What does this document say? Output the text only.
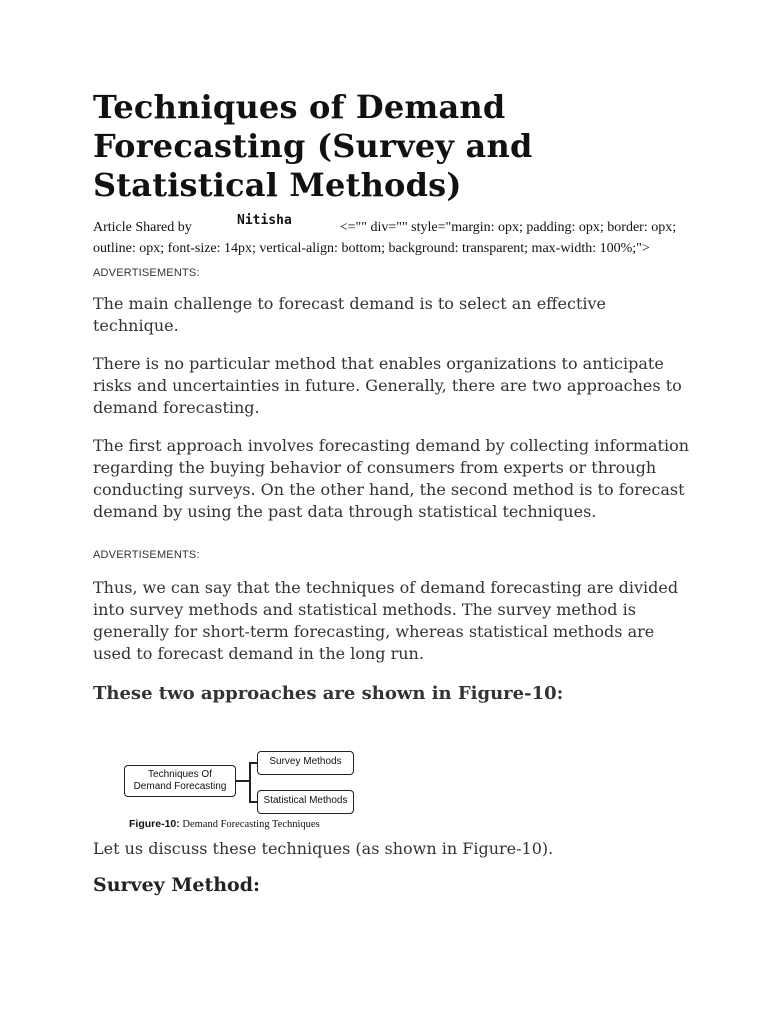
Techniques of Demand Forecasting (Survey and Statistical Methods)
Article Shared by	<="" div="" style="margin: opx; padding: opx; border: opx; outline: opx; font-size: 14px; vertical-align: bottom; background: transparent; max-width: 100%;">
Nitisha
ADVERTISEMENTS:

The main challenge to forecast demand is to select an effective technique.

There is no particular method that enables organizations to anticipate risks and uncertainties in future. Generally, there are two approaches to demand forecasting.

The first approach involves forecasting demand by collecting information regarding the buying behavior of consumers from experts or through conducting surveys. On the other hand, the second method is to forecast demand by using the past data through statistical techniques.

ADVERTISEMENTS:

Thus, we can say that the techniques of demand forecasting are divided into survey methods and statistical methods. The survey method is generally for short-term forecasting, whereas statistical methods are used to forecast demand in the long run.

These two approaches are shown in Figure-10:
Techniques Of
Demand Forecasting
Survey Methods
Statistical Methods
Figure-10: Demand Forecasting Techniques

Let us discuss these techniques (as shown in Figure-10).

Survey Method:
